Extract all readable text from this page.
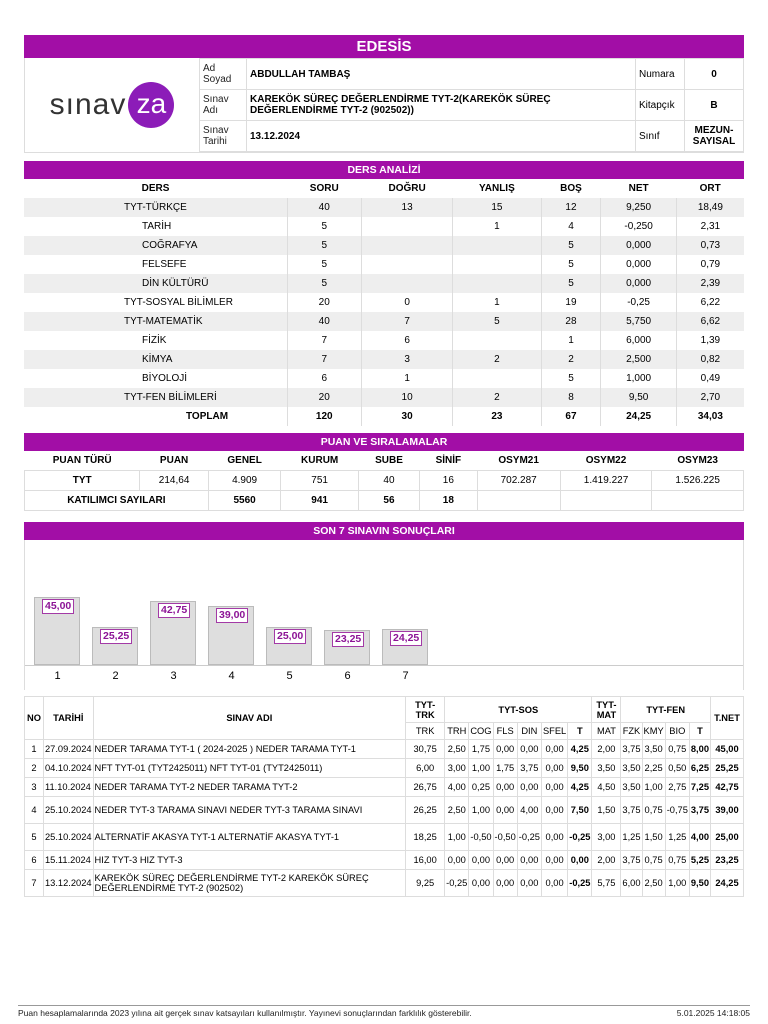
EDESİS
sınav za
Ad Soyad	ABDULLAH TAMBAŞ	Numara	0
Sınav Adı	KAREKÖK SÜREÇ DEĞERLENDİRME TYT-2(KAREKÖK SÜREÇ DEĞERLENDİRME TYT-2 (902502))	Kitapçık	B
Sınav Tarihi	13.12.2024	Sınıf	MEZUN-SAYISAL
DERS ANALİZİ
DERS	SORU	DOĞRU	YANLIŞ	BOŞ	NET	ORT
TYT-TÜRKÇE	40	13	15	12	9,250	18,49
TARİH	5		1	4	-0,250	2,31
COĞRAFYA	5			5	0,000	0,73
FELSEFE	5			5	0,000	0,79
DİN KÜLTÜRÜ	5			5	0,000	2,39
TYT-SOSYAL BİLİMLER	20	0	1	19	-0,25	6,22
TYT-MATEMATİK	40	7	5	28	5,750	6,62
FİZİK	7	6		1	6,000	1,39
KİMYA	7	3	2	2	2,500	0,82
BİYOLOJİ	6	1		5	1,000	0,49
TYT-FEN BİLİMLERİ	20	10	2	8	9,50	2,70
TOPLAM	120	30	23	67	24,25	34,03
PUAN VE SIRALAMALAR
PUAN TÜRÜ	PUAN	GENEL	KURUM	SUBE	SİNİF	OSYM21	OSYM22	OSYM23
TYT	214,64	4.909	751	40	16	702.287	1.419.227	1.526.225
KATILIMCI SAYILARI		5560	941	56	18			
SON 7 SINAVIN SONUÇLARI
45,00
1
25,25
2
42,75
3
39,00
4
25,00
5
23,25
6
24,25
7
NO	TARİHİ	SINAV ADI	TYT-TRK	TYT-SOS						TYT-MAT	TYT-FEN				T.NET
			TRK	TRH	COG	FLS	DIN	SFEL	T	MAT	FZK	KMY	BIO	T	
1	27.09.2024	NEDER TARAMA TYT-1 ( 2024-2025 ) NEDER TARAMA TYT-1	30,75	2,50	1,75	0,00	0,00	0,00	4,25	2,00	3,75	3,50	0,75	8,00	45,00
2	04.10.2024	NFT TYT-01 (TYT2425011) NFT TYT-01 (TYT2425011)	6,00	3,00	1,00	1,75	3,75	0,00	9,50	3,50	3,50	2,25	0,50	6,25	25,25
3	11.10.2024	NEDER TARAMA TYT-2 NEDER TARAMA TYT-2	26,75	4,00	0,25	0,00	0,00	0,00	4,25	4,50	3,50	1,00	2,75	7,25	42,75
4	25.10.2024	NEDER TYT-3 TARAMA SINAVI NEDER TYT-3 TARAMA SINAVI	26,25	2,50	1,00	0,00	4,00	0,00	7,50	1,50	3,75	0,75	-0,75	3,75	39,00
5	25.10.2024	ALTERNATİF AKASYA TYT-1 ALTERNATİF AKASYA TYT-1	18,25	1,00	-0,50	-0,50	-0,25	0,00	-0,25	3,00	1,25	1,50	1,25	4,00	25,00
6	15.11.2024	HIZ TYT-3 HIZ TYT-3	16,00	0,00	0,00	0,00	0,00	0,00	0,00	2,00	3,75	0,75	0,75	5,25	23,25
7	13.12.2024	KAREKÖK SÜREÇ DEĞERLENDİRME TYT-2 KAREKÖK SÜREÇ DEĞERLENDİRME TYT-2 (902502)	9,25	-0,25	0,00	0,00	0,00	0,00	-0,25	5,75	6,00	2,50	1,00	9,50	24,25
Puan hesaplamalarında 2023 yılına ait gerçek sınav katsayıları kullanılmıştır. Yayınevi sonuçlarından farklılık gösterebilir.	5.01.2025 14:18:05
